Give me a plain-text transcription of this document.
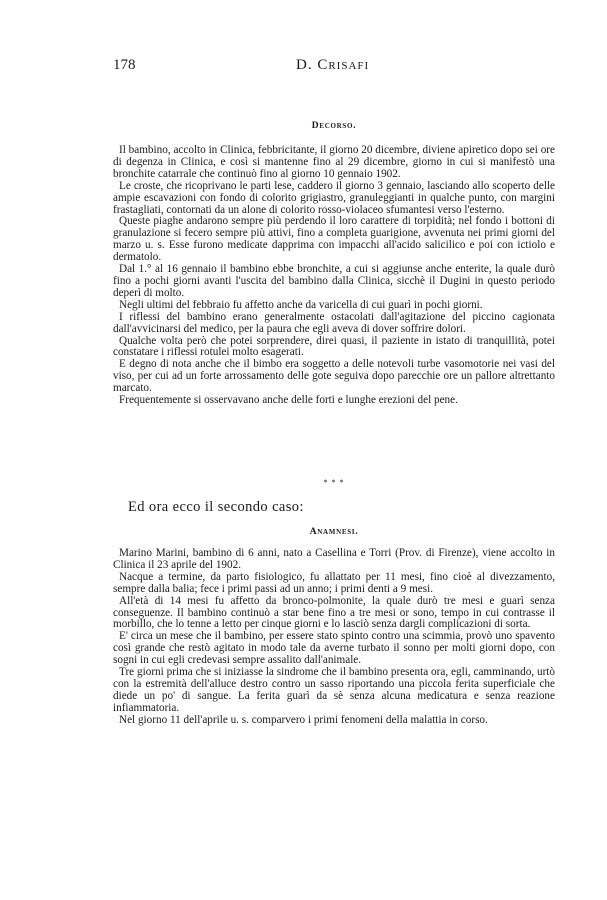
178	D. Crisafi
Decorso.

Il bambino, accolto in Clinica, febbricitante, il giorno 20 dicembre, diviene apiretico dopo sei ore di degenza in Clinica, e così si mantenne fino al 29 dicembre, giorno in cui si manifestò una bronchite catarrale che continuò fino al giorno 10 gennaio 1902.

Le croste, che ricoprivano le parti lese, caddero il giorno 3 gennaio, lasciando allo scoperto delle ampie escavazioni con fondo di colorito grigiastro, granuleggianti in qualche punto, con margini frastagliati, contornati da un alone di colorito rosso-violaceo sfumantesi verso l'esterno.

Queste piaghe andarono sempre più perdendo il loro carattere di torpidità; nel fondo i bottoni di granulazione si fecero sempre più attivi, fino a completa guarigione, avvenuta nei primi giorni del marzo u. s. Esse furono medicate dapprima con impacchi all'acido salicilico e poi con ictiolo e dermatolo.

Dal 1.° al 16 gennaio il bambino ebbe bronchite, a cui si aggiunse anche enterite, la quale durò fino a pochi giorni avanti l'uscita del bambino dalla Clinica, sicchè il Dugini in questo periodo deperì di molto.

Negli ultimi del febbraio fu affetto anche da varicella di cui guarì in pochi giorni.

I riflessi del bambino erano generalmente ostacolati dall'agitazione del piccino cagionata dall'avvicinarsi del medico, per la paura che egli aveva di dover soffrire dolori.

Qualche volta però che potei sorprendere, direi quasi, il paziente in istato di tranquillità, potei constatare i riflessi rotulei molto esagerati.

E degno di nota anche che il bimbo era soggetto a delle notevoli turbe vasomotorie nei vasi del viso, per cui ad un forte arrossamento delle gote seguiva dopo parecchie ore un pallore altrettanto marcato.

Frequentemente si osservavano anche delle forti e lunghe erezioni del pene.

* * *
Ed ora ecco il secondo caso:
Anamnesi.

Marino Marini, bambino di 6 anni, nato a Casellina e Torri (Prov. di Firenze), viene accolto in Clinica il 23 aprile del 1902.

Nacque a termine, da parto fisiologico, fu allattato per 11 mesi, fino cioè al divezzamento, sempre dalla balia; fece i primi passi ad un anno; i primi denti a 9 mesi.

All'età di 14 mesi fu affetto da bronco-polmonite, la quale durò tre mesi e guarì senza conseguenze. Il bambino continuò a star bene fino a tre mesi or sono, tempo in cui contrasse il morbillo, che lo tenne a letto per cinque giorni e lo lasciò senza dargli complicazioni di sorta.

E' circa un mese che il bambino, per essere stato spinto contro una scimmia, provò uno spavento così grande che restò agitato in modo tale da averne turbato il sonno per molti giorni dopo, con sogni in cui egli credevasi sempre assalito dall'animale.

Tre giorni prima che si iniziasse la sindrome che il bambino presenta ora, egli, camminando, urtò con la estremità dell'alluce destro contro un sasso riportando una piccola ferita superficiale che diede un po' di sangue. La ferita guarì da sè senza alcuna medicatura e senza reazione infiammatoria.

Nel giorno 11 dell'aprile u. s. comparvero i primi fenomeni della malattia in corso.
